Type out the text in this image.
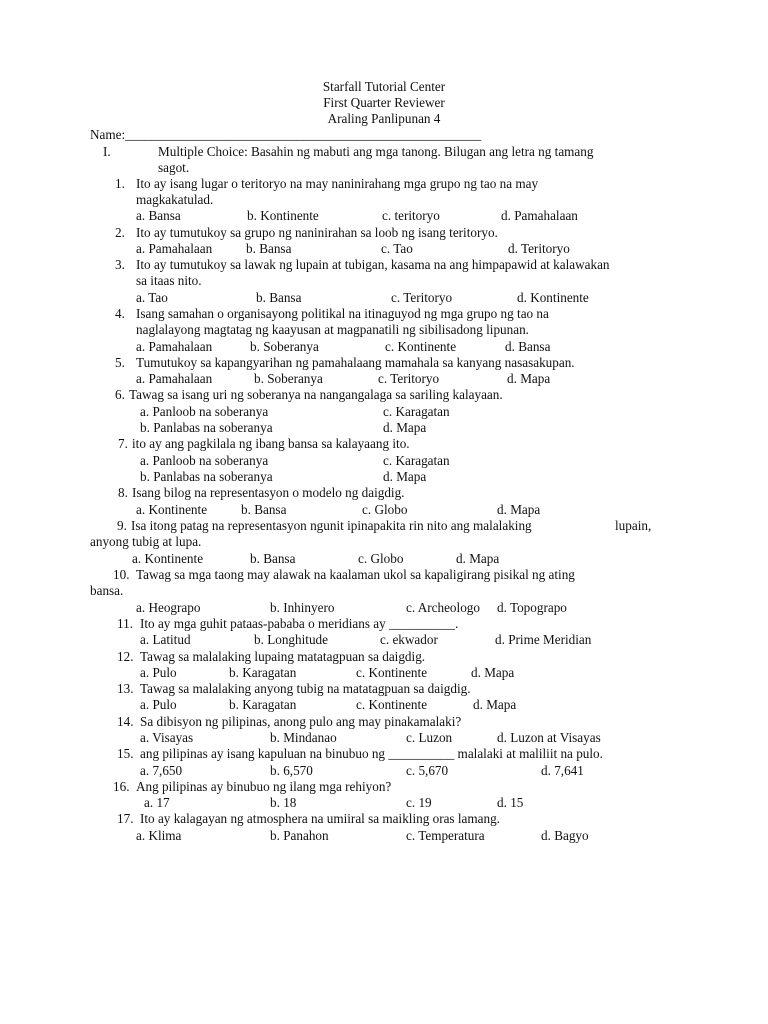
Starfall Tutorial Center
First Quarter Reviewer
Araling Panlipunan 4
Name:______________________________________________________
I.	Multiple Choice: Basahin ng mabuti ang mga tanong. Bilugan ang letra ng tamang
sagot.
1. Ito ay isang lugar o teritoryo na may naninirahang mga grupo ng tao na may
magkakatulad.
a. Bansa	b. Kontinente	c. teritoryo	d. Pamahalaan
2. Ito ay tumutukoy sa grupo ng naninirahan sa loob ng isang teritoryo.
a. Pamahalaan	b. Bansa	c. Tao	d. Teritoryo
3. Ito ay tumutukoy sa lawak ng lupain at tubigan, kasama na ang himpapawid at kalawakan
sa itaas nito.
a. Tao	b. Bansa	c. Teritoryo	d. Kontinente
4. Isang samahan o organisayong politikal na itinaguyod ng mga grupo ng tao na
naglalayong magtatag ng kaayusan at magpanatili ng sibilisadong lipunan.
a. Pamahalaan	b. Soberanya	c. Kontinente	d. Bansa
5. Tumutukoy sa kapangyarihan ng pamahalaang mamahala sa kanyang nasasakupan.
a. Pamahalaan	b. Soberanya	c. Teritoryo	d. Mapa
6. Tawag sa isang uri ng soberanya na nangangalaga sa sariling kalayaan.
a. Panloob na soberanya	c. Karagatan
b. Panlabas na soberanya	d. Mapa
7. ito ay ang pagkilala ng ibang bansa sa kalayaang ito.
a. Panloob na soberanya	c. Karagatan
b. Panlabas na soberanya	d. Mapa
8. Isang bilog na representasyon o modelo ng daigdig.
a. Kontinente	b. Bansa	c. Globo	d. Mapa
9. Isa itong patag na representasyon ngunit ipinapakita rin nito ang malalaking	lupain,
anyong tubig at lupa.
a. Kontinente	b. Bansa	c. Globo	d. Mapa
10. Tawag sa mga taong may alawak na kaalaman ukol sa kapaligirang pisikal ng ating
bansa.
a. Heograpo	b. Inhinyero	c. Archeologo d. Topograpo
11. Ito ay mga guhit pataas-pababa o meridians ay __________.
a. Latitud	b. Longhitude	c. ekwador	d. Prime Meridian
12. Tawag sa malalaking lupaing matatagpuan sa daigdig.
a. Pulo	b. Karagatan	c. Kontinente	d. Mapa
13. Tawag sa malalaking anyong tubig na matatagpuan sa daigdig.
a. Pulo	b. Karagatan	c. Kontinente	d. Mapa
14. Sa dibisyon ng pilipinas, anong pulo ang may pinakamalaki?
a. Visayas	b. Mindanao	c. Luzon	d. Luzon at Visayas
15. ang pilipinas ay isang kapuluan na binubuo ng __________ malalaki at maliliit na pulo.
a. 7,650	b. 6,570	c. 5,670	d. 7,641
16. Ang pilipinas ay binubuo ng ilang mga rehiyon?
a. 17	b. 18	c. 19	d. 15
17. Ito ay kalagayan ng atmosphera na umiiral sa maikling oras lamang.
a. Klima	b. Panahon	c. Temperatura	d. Bagyo
